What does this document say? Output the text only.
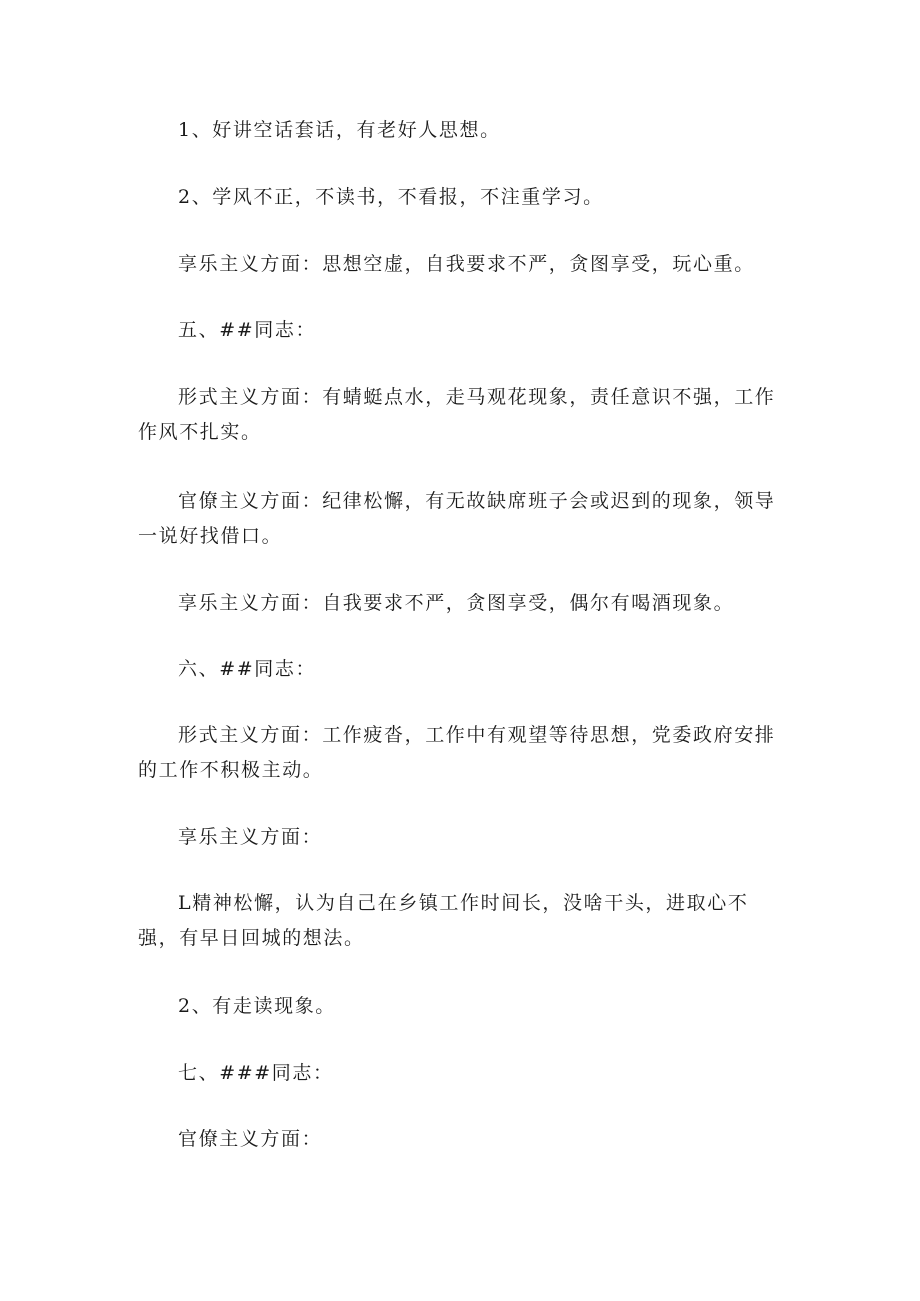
1、好讲空话套话，有老好人思想。

2、学风不正，不读书，不看报，不注重学习。

享乐主义方面：思想空虚，自我要求不严，贪图享受，玩心重。

五、##同志：

形式主义方面：有蜻蜓点水，走马观花现象，责任意识不强，工作作风不扎实。

官僚主义方面：纪律松懈，有无故缺席班子会或迟到的现象，领导一说好找借口。

享乐主义方面：自我要求不严，贪图享受，偶尔有喝酒现象。

六、##同志：

形式主义方面：工作疲沓，工作中有观望等待思想，党委政府安排的工作不积极主动。

享乐主义方面：

L精神松懈，认为自己在乡镇工作时间长，没啥干头，进取心不强，有早日回城的想法。

2、有走读现象。

七、###同志：

官僚主义方面：
